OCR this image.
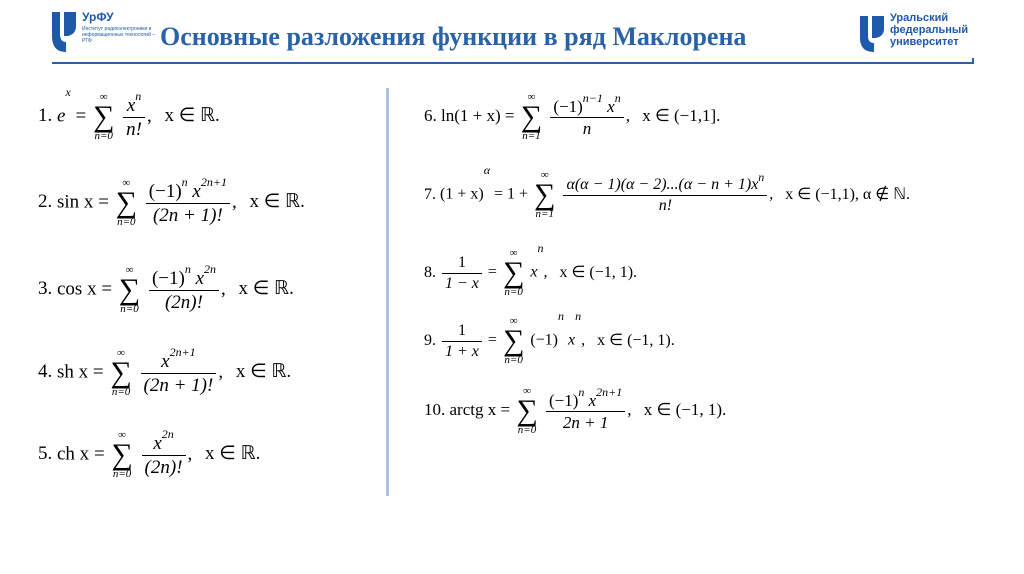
УрФУ
Институт радиоэлектроники и информационных технологий – РТФ	Основные разложения функции в ряд Маклорена
Уральский
федеральный
университет
1. $e^x$ =
∞
∑
n=0
$\frac{x^n}{n!}$ , x ∈ ℝ.
2. sin x =
∞
∑
n=0
$\frac{(-1)^n x^{2n+1}}{(2n + 1)!}$ , x ∈ ℝ.
3. cos x =
∞
∑
n=0
$\frac{(-1)^n x^{2n}}{(2n)!}$ , x ∈ ℝ.
4. sh x =
∞
∑
n=0
$\frac{x^{2n+1}}{(2n + 1)!}$ , x ∈ ℝ.
5. ch x =
∞
∑
n=0
$\frac{x^{2n}}{(2n)!}$ , x ∈ ℝ.
6. ln(1 + x) =
∞
∑
n=1
$\frac{(-1)^{n-1} x^n}{n}$ , x ∈ (−1,1].
7. $(1 + x)^\alpha = 1$ +
∞
∑
n=1

$\frac{\alpha(\alpha - 1)(\alpha - 2)...(\alpha - n + 1)x^n}{n!}$ , x ∈ (−1,1), α ∉ ℕ.
8. $\frac{1}{1 - x}$ =
∞
∑
n=0
$x^n$, x ∈ (−1, 1).
9. $\frac{1}{1 + x}$ =
∞
∑
n=0
$(-1)^n$ $x^n$, x ∈ (−1, 1).
10. arctg x =
∞
∑
n=0
$\frac{(-1)^n x^{2n+1}}{2n + 1}$ , x ∈ (−1, 1).
